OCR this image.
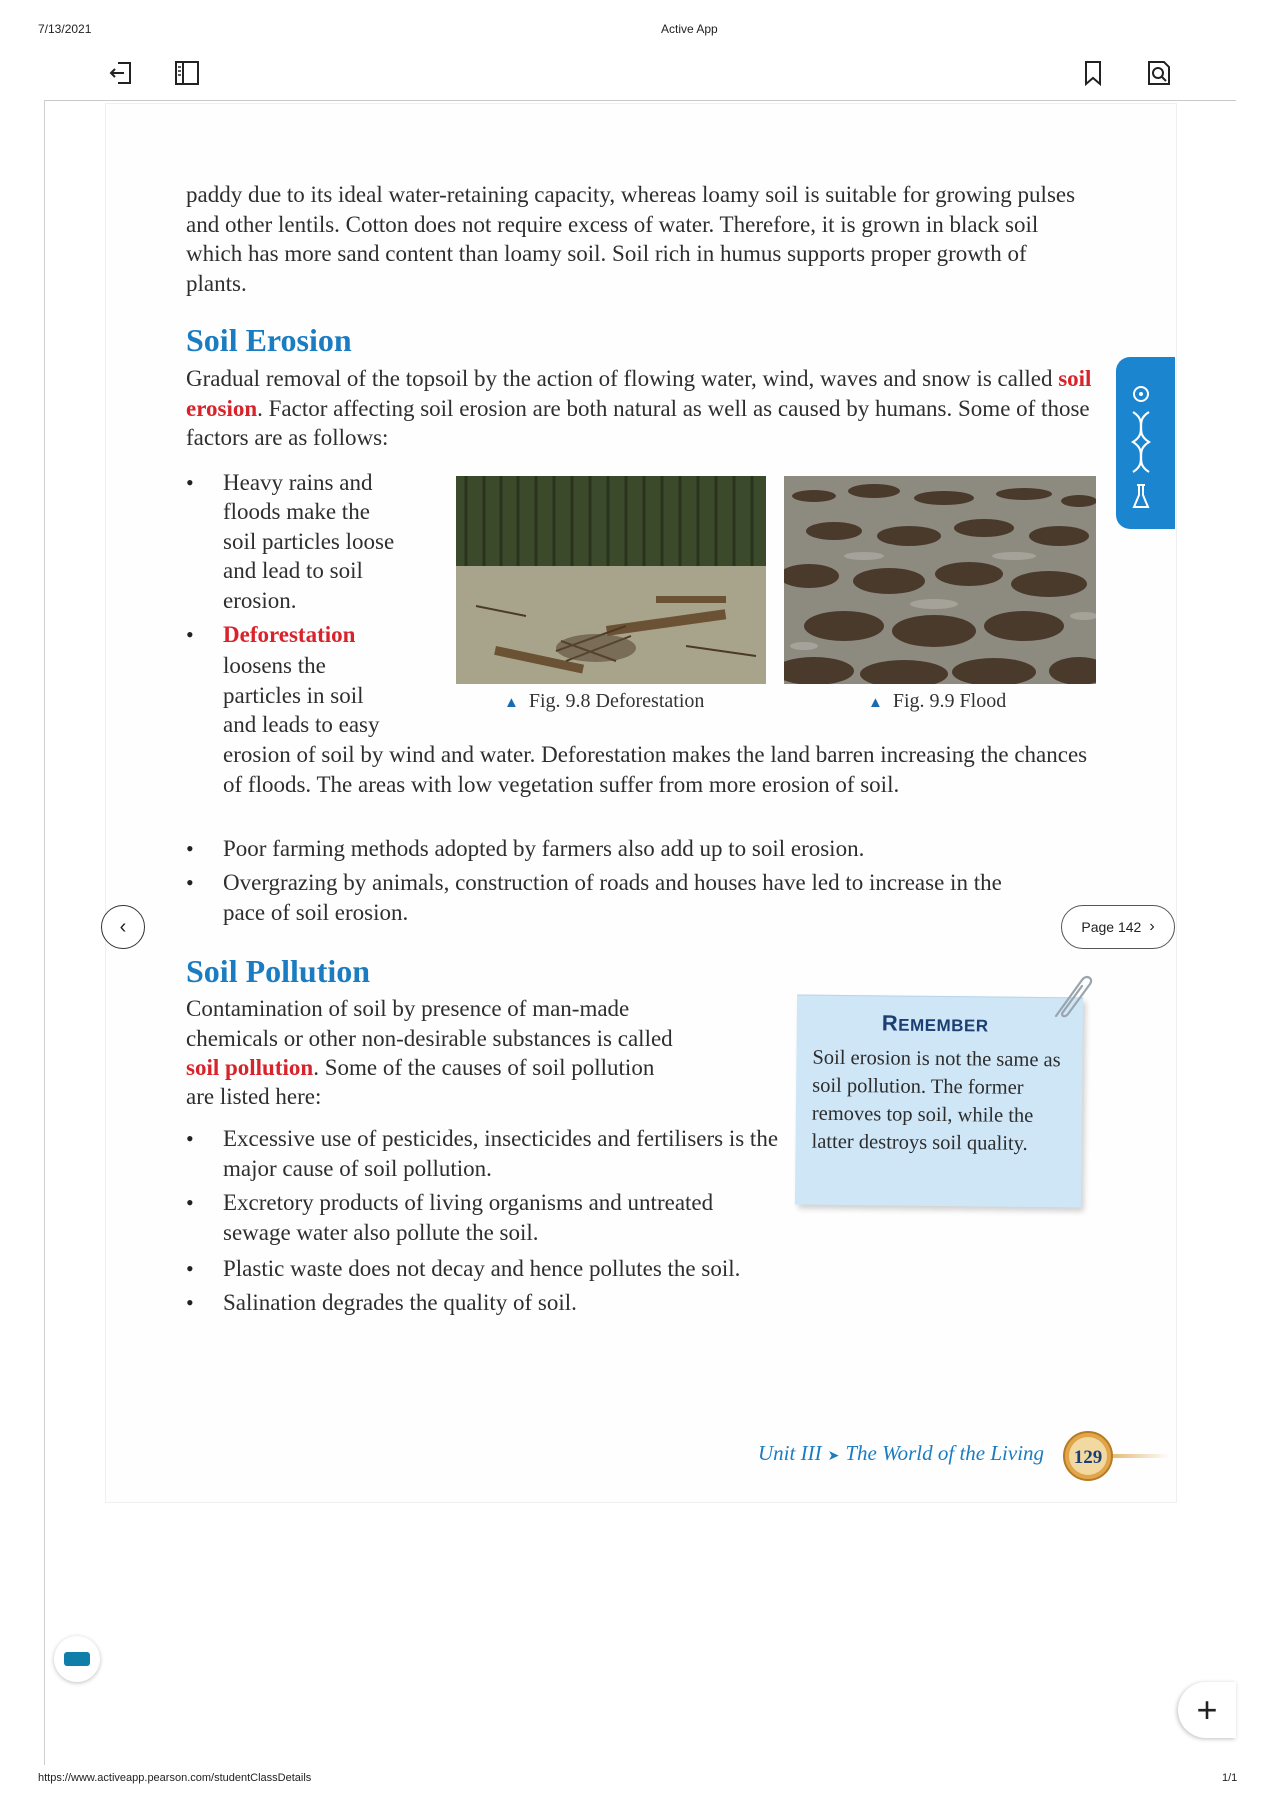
7/13/2021	Active App
https://www.activeapp.pearson.com/studentClassDetails	1/1
paddy due to its ideal water-retaining capacity, whereas loamy soil is suitable for growing pulses and other lentils. Cotton does not require excess of water. Therefore, it is grown in black soil which has more sand content than loamy soil. Soil rich in humus supports proper growth of plants.
Soil Erosion
Gradual removal of the topsoil by the action of flowing water, wind, waves and snow is called soil erosion. Factor affecting soil erosion are both natural as well as caused by humans. Some of those factors are as follows:
•	Heavy rains and
floods make the
soil particles loose
and lead to soil
erosion.
•	Deforestation
loosens the
particles in soil
and leads to easy
erosion of soil by wind and water. Deforestation makes the land barren increasing the chances of floods. The areas with low vegetation suffer from more erosion of soil.
▲ Fig. 9.8 Deforestation	▲ Fig. 9.9 Flood
•	Poor farming methods adopted by farmers also add up to soil erosion.
•	Overgrazing by animals, construction of roads and houses have led to increase in the pace of soil erosion.
‹	Page 142 ›
Soil Pollution
Contamination of soil by presence of man-made
chemicals or other non-desirable substances is called
soil pollution. Some of the causes of soil pollution
are listed here:
•	Excessive use of pesticides, insecticides and fertilisers is the major cause of soil pollution.
•	Excretory products of living organisms and untreated sewage water also pollute the soil.
•	Plastic waste does not decay and hence pollutes the soil.
•	Salination degrades the quality of soil.
REMEMBER
Soil erosion is not the same as soil pollution. The former removes top soil, while the latter destroys soil quality.
Unit III ➤ The World of the Living 129
+
